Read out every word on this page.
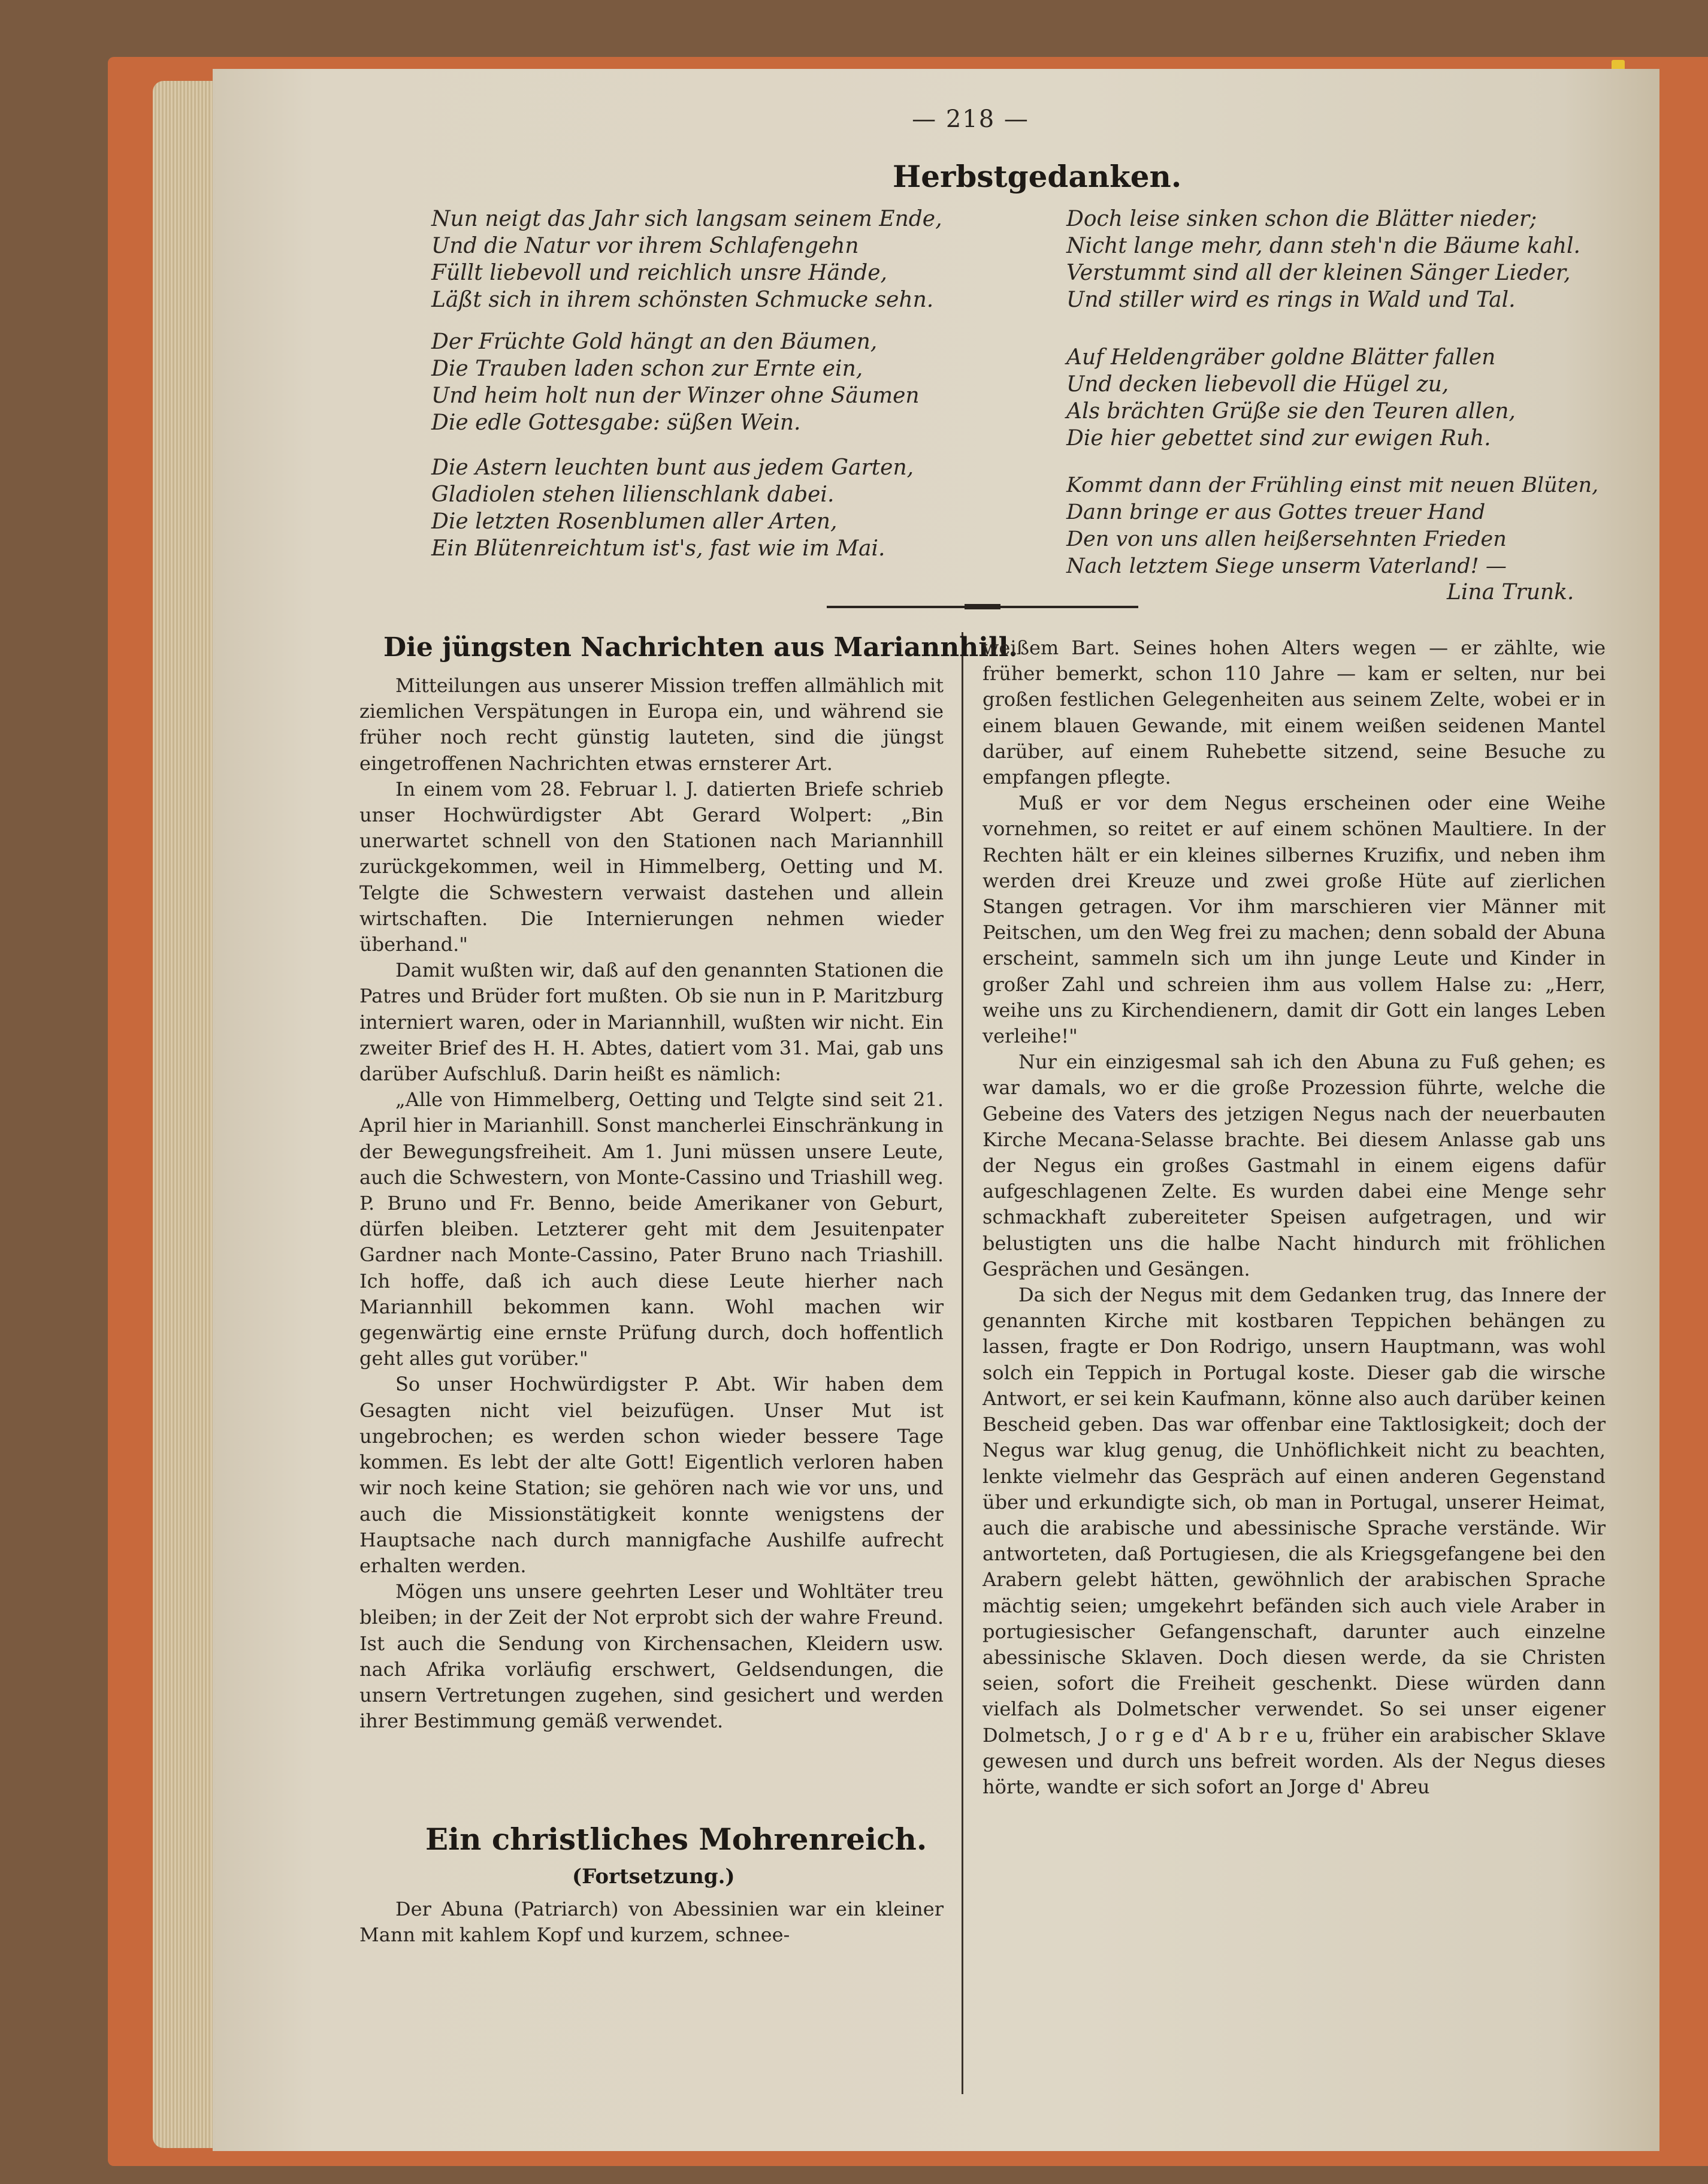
— 218 —
Herbstgedanken.
Nun neigt das Jahr sich langsam seinem Ende,
Und die Natur vor ihrem Schlafengehn
Füllt liebevoll und reichlich unsre Hände,
Läßt sich in ihrem schönsten Schmucke sehn.
Der Früchte Gold hängt an den Bäumen,
Die Trauben laden schon zur Ernte ein,
Und heim holt nun der Winzer ohne Säumen
Die edle Gottesgabe: süßen Wein.
Die Astern leuchten bunt aus jedem Garten,
Gladiolen stehen lilienschlank dabei.
Die letzten Rosenblumen aller Arten,
Ein Blütenreichtum ist's, fast wie im Mai.
Doch leise sinken schon die Blätter nieder;
Nicht lange mehr, dann steh'n die Bäume kahl.
Verstummt sind all der kleinen Sänger Lieder,
Und stiller wird es rings in Wald und Tal.
Auf Heldengräber goldne Blätter fallen
Und decken liebevoll die Hügel zu,
Als brächten Grüße sie den Teuren allen,
Die hier gebettet sind zur ewigen Ruh.
Kommt dann der Frühling einst mit neuen Blüten,
Dann bringe er aus Gottes treuer Hand
Den von uns allen heißersehnten Frieden
Nach letztem Siege unserm Vaterland! —
Lina Trunk.
Die jüngsten Nachrichten aus Mariannhill.

Mitteilungen aus unserer Mission treffen allmählich mit ziemlichen Verspätungen in Europa ein, und während sie früher noch recht günstig lauteten, sind die jüngst eingetroffenen Nachrichten etwas ernsterer Art.

In einem vom 28. Februar l. J. datierten Briefe schrieb unser Hochwürdigster Abt Gerard Wolpert: „Bin unerwartet schnell von den Stationen nach Mariannhill zurückgekommen, weil in Himmelberg, Oetting und M. Telgte die Schwestern verwaist dastehen und allein wirtschaften. Die Internierungen nehmen wieder überhand."

Damit wußten wir, daß auf den genannten Stationen die Patres und Brüder fort mußten. Ob sie nun in P. Maritzburg interniert waren, oder in Mariannhill, wußten wir nicht. Ein zweiter Brief des H. H. Abtes, datiert vom 31. Mai, gab uns darüber Aufschluß. Darin heißt es nämlich:

„Alle von Himmelberg, Oetting und Telgte sind seit 21. April hier in Marianhill. Sonst mancherlei Einschränkung in der Bewegungsfreiheit. Am 1. Juni müssen unsere Leute, auch die Schwestern, von Monte-Cassino und Triashill weg. P. Bruno und Fr. Benno, beide Amerikaner von Geburt, dürfen bleiben. Letzterer geht mit dem Jesuitenpater Gardner nach Monte-Cassino, Pater Bruno nach Triashill. Ich hoffe, daß ich auch diese Leute hierher nach Mariannhill bekommen kann. Wohl machen wir gegenwärtig eine ernste Prüfung durch, doch hoffentlich geht alles gut vorüber."

So unser Hochwürdigster P. Abt. Wir haben dem Gesagten nicht viel beizufügen. Unser Mut ist ungebrochen; es werden schon wieder bessere Tage kommen. Es lebt der alte Gott! Eigentlich verloren haben wir noch keine Station; sie gehören nach wie vor uns, und auch die Missionstätigkeit konnte wenigstens der Hauptsache nach durch mannigfache Aushilfe aufrecht erhalten werden.

Mögen uns unsere geehrten Leser und Wohltäter treu bleiben; in der Zeit der Not erprobt sich der wahre Freund. Ist auch die Sendung von Kirchensachen, Kleidern usw. nach Afrika vorläufig erschwert, Geldsendungen, die unsern Vertretungen zugehen, sind gesichert und werden ihrer Bestimmung gemäß verwendet.

Ein christliches Mohrenreich.
(Fortsetzung.)

Der Abuna (Patriarch) von Abessinien war ein kleiner Mann mit kahlem Kopf und kurzem, schnee-

weißem Bart. Seines hohen Alters wegen — er zählte, wie früher bemerkt, schon 110 Jahre — kam er selten, nur bei großen festlichen Gelegenheiten aus seinem Zelte, wobei er in einem blauen Gewande, mit einem weißen seidenen Mantel darüber, auf einem Ruhebette sitzend, seine Besuche zu empfangen pflegte.

Muß er vor dem Negus erscheinen oder eine Weihe vornehmen, so reitet er auf einem schönen Maultiere. In der Rechten hält er ein kleines silbernes Kruzifix, und neben ihm werden drei Kreuze und zwei große Hüte auf zierlichen Stangen getragen. Vor ihm marschieren vier Männer mit Peitschen, um den Weg frei zu machen; denn sobald der Abuna erscheint, sammeln sich um ihn junge Leute und Kinder in großer Zahl und schreien ihm aus vollem Halse zu: „Herr, weihe uns zu Kirchendienern, damit dir Gott ein langes Leben verleihe!"

Nur ein einzigesmal sah ich den Abuna zu Fuß gehen; es war damals, wo er die große Prozession führte, welche die Gebeine des Vaters des jetzigen Negus nach der neuerbauten Kirche Mecana-Selasse brachte. Bei diesem Anlasse gab uns der Negus ein großes Gastmahl in einem eigens dafür aufgeschlagenen Zelte. Es wurden dabei eine Menge sehr schmackhaft zubereiteter Speisen aufgetragen, und wir belustigten uns die halbe Nacht hindurch mit fröhlichen Gesprächen und Gesängen.

Da sich der Negus mit dem Gedanken trug, das Innere der genannten Kirche mit kostbaren Teppichen behängen zu lassen, fragte er Don Rodrigo, unsern Hauptmann, was wohl solch ein Teppich in Portugal koste. Dieser gab die wirsche Antwort, er sei kein Kaufmann, könne also auch darüber keinen Bescheid geben. Das war offenbar eine Taktlosigkeit; doch der Negus war klug genug, die Unhöflichkeit nicht zu beachten, lenkte vielmehr das Gespräch auf einen anderen Gegenstand über und erkundigte sich, ob man in Portugal, unserer Heimat, auch die arabische und abessinische Sprache verstände. Wir antworteten, daß Portugiesen, die als Kriegsgefangene bei den Arabern gelebt hätten, gewöhnlich der arabischen Sprache mächtig seien; umgekehrt befänden sich auch viele Araber in portugiesischer Gefangenschaft, darunter auch einzelne abessinische Sklaven. Doch diesen werde, da sie Christen seien, sofort die Freiheit geschenkt. Diese würden dann vielfach als Dolmetscher verwendet. So sei unser eigener Dolmetsch, J o r g e d' A b r e u, früher ein arabischer Sklave gewesen und durch uns befreit worden. Als der Negus dieses hörte, wandte er sich sofort an Jorge d' Abreu
